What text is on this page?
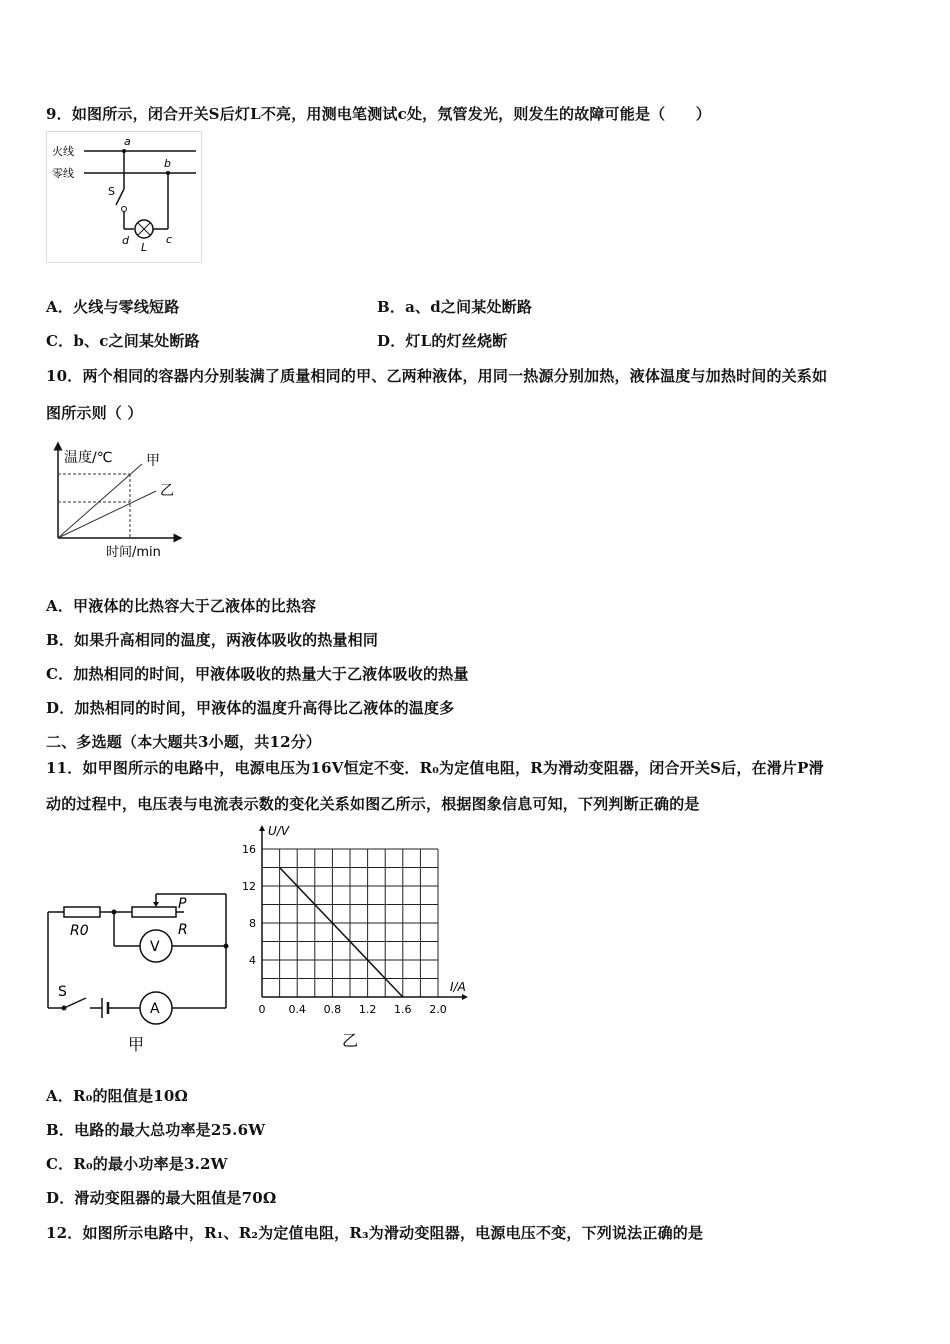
9．如图所示，闭合开关S后灯L不亮，用测电笔测试c处，氖管发光，则发生的故障可能是（　　）
火线
零线
a
b
S
d
L
c
A．火线与零线短路	B．a、d之间某处断路
C．b、c之间某处断路	D．灯L的灯丝烧断
10．两个相同的容器内分别装满了质量相同的甲、乙两种液体，用同一热源分别加热，液体温度与加热时间的关系如
图所示则（ ）
温度/℃
时间/min
甲
乙
A．甲液体的比热容大于乙液体的比热容
B．如果升高相同的温度，两液体吸收的热量相同
C．加热相同的时间，甲液体吸收的热量大于乙液体吸收的热量
D．加热相同的时间，甲液体的温度升高得比乙液体的温度多
二、多选题（本大题共3小题，共12分）
11．如甲图所示的电路中，电源电压为16V恒定不变．R₀为定值电阻，R为滑动变阻器，闭合开关S后，在滑片P滑
动的过程中，电压表与电流表示数的变化关系如图乙所示，根据图象信息可知，下列判断正确的是
R0
P
R
V
S
A
甲
0 0.4 0.8 1.2 1.6 2.0
4
8
12
16
U/V
I/A
乙
A．R₀的阻值是10Ω
B．电路的最大总功率是25.6W
C．R₀的最小功率是3.2W
D．滑动变阻器的最大阻值是70Ω
12．如图所示电路中，R₁、R₂为定值电阻，R₃为滑动变阻器，电源电压不变，下列说法正确的是
